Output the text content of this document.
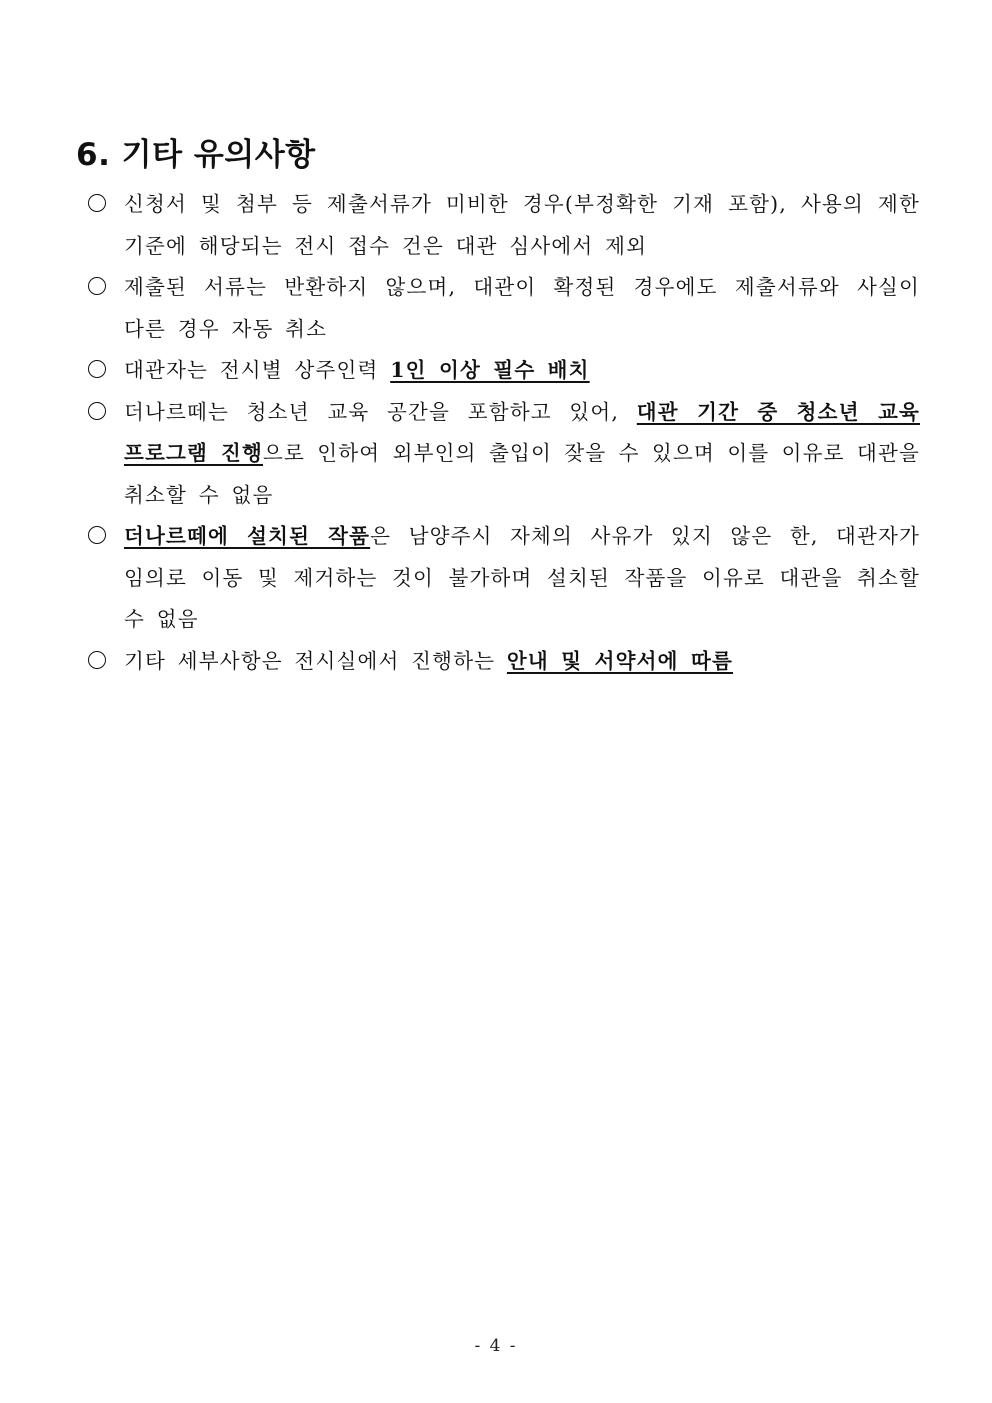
6. 기타 유의사항
신청서 및 첨부 등 제출서류가 미비한 경우(부정확한 기재 포함), 사용의 제한 기준에 해당되는 전시 접수 건은 대관 심사에서 제외
제출된 서류는 반환하지 않으며, 대관이 확정된 경우에도 제출서류와 사실이 다른 경우 자동 취소
대관자는 전시별 상주인력 1인 이상 필수 배치
더나르떼는 청소년 교육 공간을 포함하고 있어, 대관 기간 중 청소년 교육 프로그램 진행으로 인하여 외부인의 출입이 잦을 수 있으며 이를 이유로 대관을 취소할 수 없음
더나르떼에 설치된 작품은 남양주시 자체의 사유가 있지 않은 한, 대관자가 임의로 이동 및 제거하는 것이 불가하며 설치된 작품을 이유로 대관을 취소할 수 없음
기타 세부사항은 전시실에서 진행하는 안내 및 서약서에 따름
- 4 -
